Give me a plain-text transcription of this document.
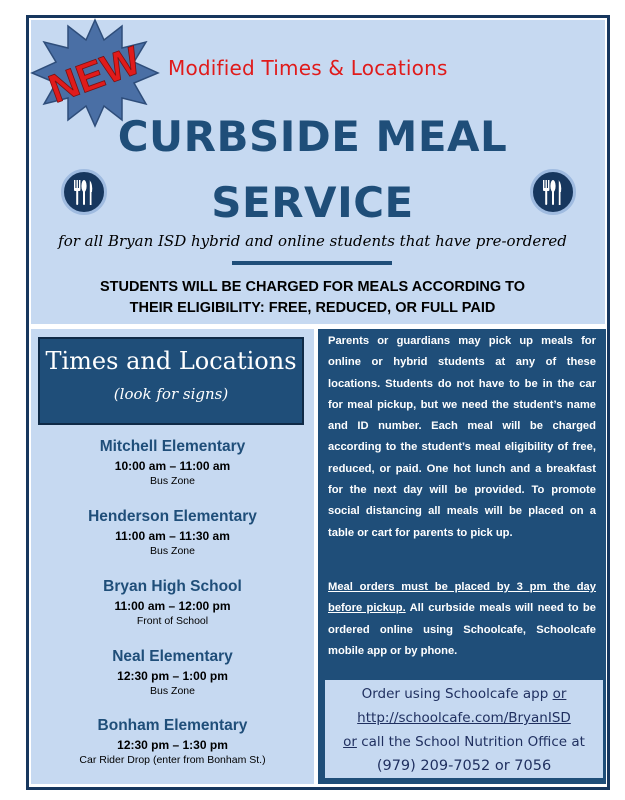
NEW Modified Times & Locations
CURBSIDE MEAL
SERVICE
for all Bryan ISD hybrid and online students that have pre-ordered
STUDENTS WILL BE CHARGED FOR MEALS ACCORDING TO
THEIR ELIGIBILITY: FREE, REDUCED, OR FULL PAID
Times and Locations
(look for signs)
Mitchell Elementary
10:00 am – 11:00 am
Bus Zone
Henderson Elementary
11:00 am – 11:30 am
Bus Zone
Bryan High School
11:00 am – 12:00 pm
Front of School
Neal Elementary
12:30 pm – 1:00 pm
Bus Zone
Bonham Elementary
12:30 pm – 1:30 pm
Car Rider Drop (enter from Bonham St.)
Parents or guardians may pick up meals for online or hybrid students at any of these locations. Students do not have to be in the car for meal pickup, but we need the student’s name and ID number. Each meal will be charged according to the student’s meal eligibility of free, reduced, or paid. One hot lunch and a breakfast for the next day will be provided. To promote social distancing all meals will be placed on a table or cart for parents to pick up.
Meal orders must be placed by 3 pm the day before pickup. All curbside meals will need to be ordered online using Schoolcafe, Schoolcafe mobile app or by phone.
Order using Schoolcafe app or
http://schoolcafe.com/BryanISD
or call the School Nutrition Office at
(979) 209-7052 or 7056
